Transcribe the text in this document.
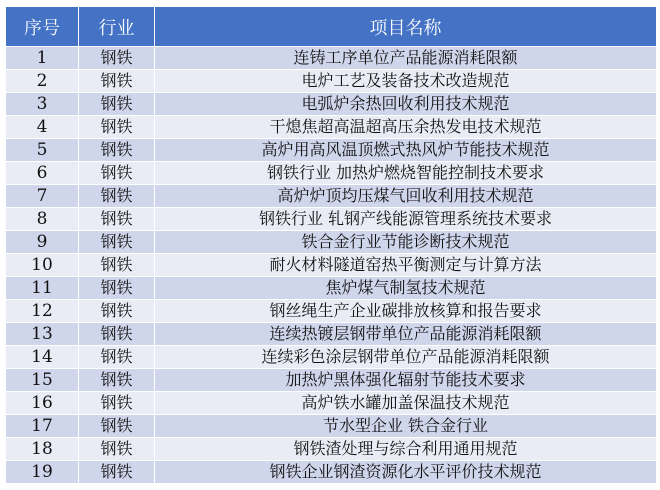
序号	行业	项目名称
1	钢铁	连铸工序单位产品能源消耗限额
2	钢铁	电炉工艺及装备技术改造规范
3	钢铁	电弧炉余热回收利用技术规范
4	钢铁	干熄焦超高温超高压余热发电技术规范
5	钢铁	高炉用高风温顶燃式热风炉节能技术规范
6	钢铁	钢铁行业 加热炉燃烧智能控制技术要求
7	钢铁	高炉炉顶均压煤气回收利用技术规范
8	钢铁	钢铁行业 轧钢产线能源管理系统技术要求
9	钢铁	铁合金行业节能诊断技术规范
10	钢铁	耐火材料隧道窑热平衡测定与计算方法
11	钢铁	焦炉煤气制氢技术规范
12	钢铁	钢丝绳生产企业碳排放核算和报告要求
13	钢铁	连续热镀层钢带单位产品能源消耗限额
14	钢铁	连续彩色涂层钢带单位产品能源消耗限额
15	钢铁	加热炉黑体强化辐射节能技术要求
16	钢铁	高炉铁水罐加盖保温技术规范
17	钢铁	节水型企业 铁合金行业
18	钢铁	钢铁渣处理与综合利用通用规范
19	钢铁	钢铁企业钢渣资源化水平评价技术规范
